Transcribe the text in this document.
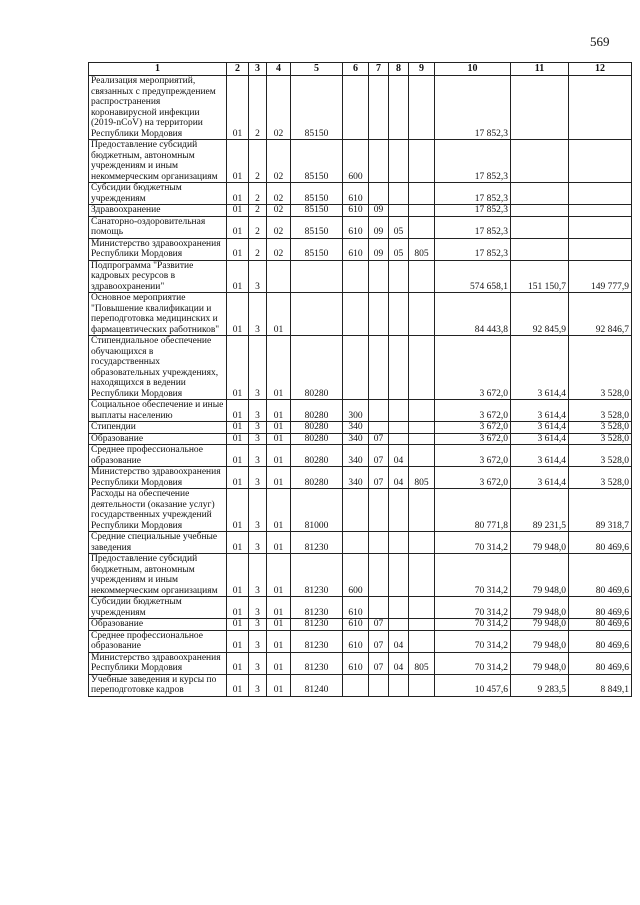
569
1	2	3	4	5	6	7	8	9	10	11	12
Реализация мероприятий, связанных с предупреждением распространения коронавирусной инфекции (2019-nCoV) на территории Республики Мордовия	01	2	02	85150					17 852,3		
Предоставление субсидий бюджетным, автономным учреждениям и иным некоммерческим организациям	01	2	02	85150	600				17 852,3		
Субсидии бюджетным учреждениям	01	2	02	85150	610				17 852,3		
Здравоохранение	01	2	02	85150	610	09			17 852,3		
Санаторно-оздоровительная помощь	01	2	02	85150	610	09	05		17 852,3		
Министерство здравоохранения Республики Мордовия	01	2	02	85150	610	09	05	805	17 852,3		
Подпрограмма "Развитие кадровых ресурсов в здравоохранении"	01	3							574 658,1	151 150,7	149 777,9
Основное мероприятие "Повышение квалификации и переподготовка медицинских и фармацевтических работников"	01	3	01						84 443,8	92 845,9	92 846,7
Стипендиальное обеспечение обучающихся в государственных образовательных учреждениях, находящихся в ведении Республики Мордовия	01	3	01	80280					3 672,0	3 614,4	3 528,0
Социальное обеспечение и иные выплаты населению	01	3	01	80280	300				3 672,0	3 614,4	3 528,0
Стипендии	01	3	01	80280	340				3 672,0	3 614,4	3 528,0
Образование	01	3	01	80280	340	07			3 672,0	3 614,4	3 528,0
Среднее профессиональное образование	01	3	01	80280	340	07	04		3 672,0	3 614,4	3 528,0
Министерство здравоохранения Республики Мордовия	01	3	01	80280	340	07	04	805	3 672,0	3 614,4	3 528,0
Расходы на обеспечение деятельности (оказание услуг) государственных учреждений Республики Мордовия	01	3	01	81000					80 771,8	89 231,5	89 318,7
Средние специальные учебные заведения	01	3	01	81230					70 314,2	79 948,0	80 469,6
Предоставление субсидий бюджетным, автономным учреждениям и иным некоммерческим организациям	01	3	01	81230	600				70 314,2	79 948,0	80 469,6
Субсидии бюджетным учреждениям	01	3	01	81230	610				70 314,2	79 948,0	80 469,6
Образование	01	3	01	81230	610	07			70 314,2	79 948,0	80 469,6
Среднее профессиональное образование	01	3	01	81230	610	07	04		70 314,2	79 948,0	80 469,6
Министерство здравоохранения Республики Мордовия	01	3	01	81230	610	07	04	805	70 314,2	79 948,0	80 469,6
Учебные заведения и курсы по переподготовке кадров	01	3	01	81240					10 457,6	9 283,5	8 849,1
